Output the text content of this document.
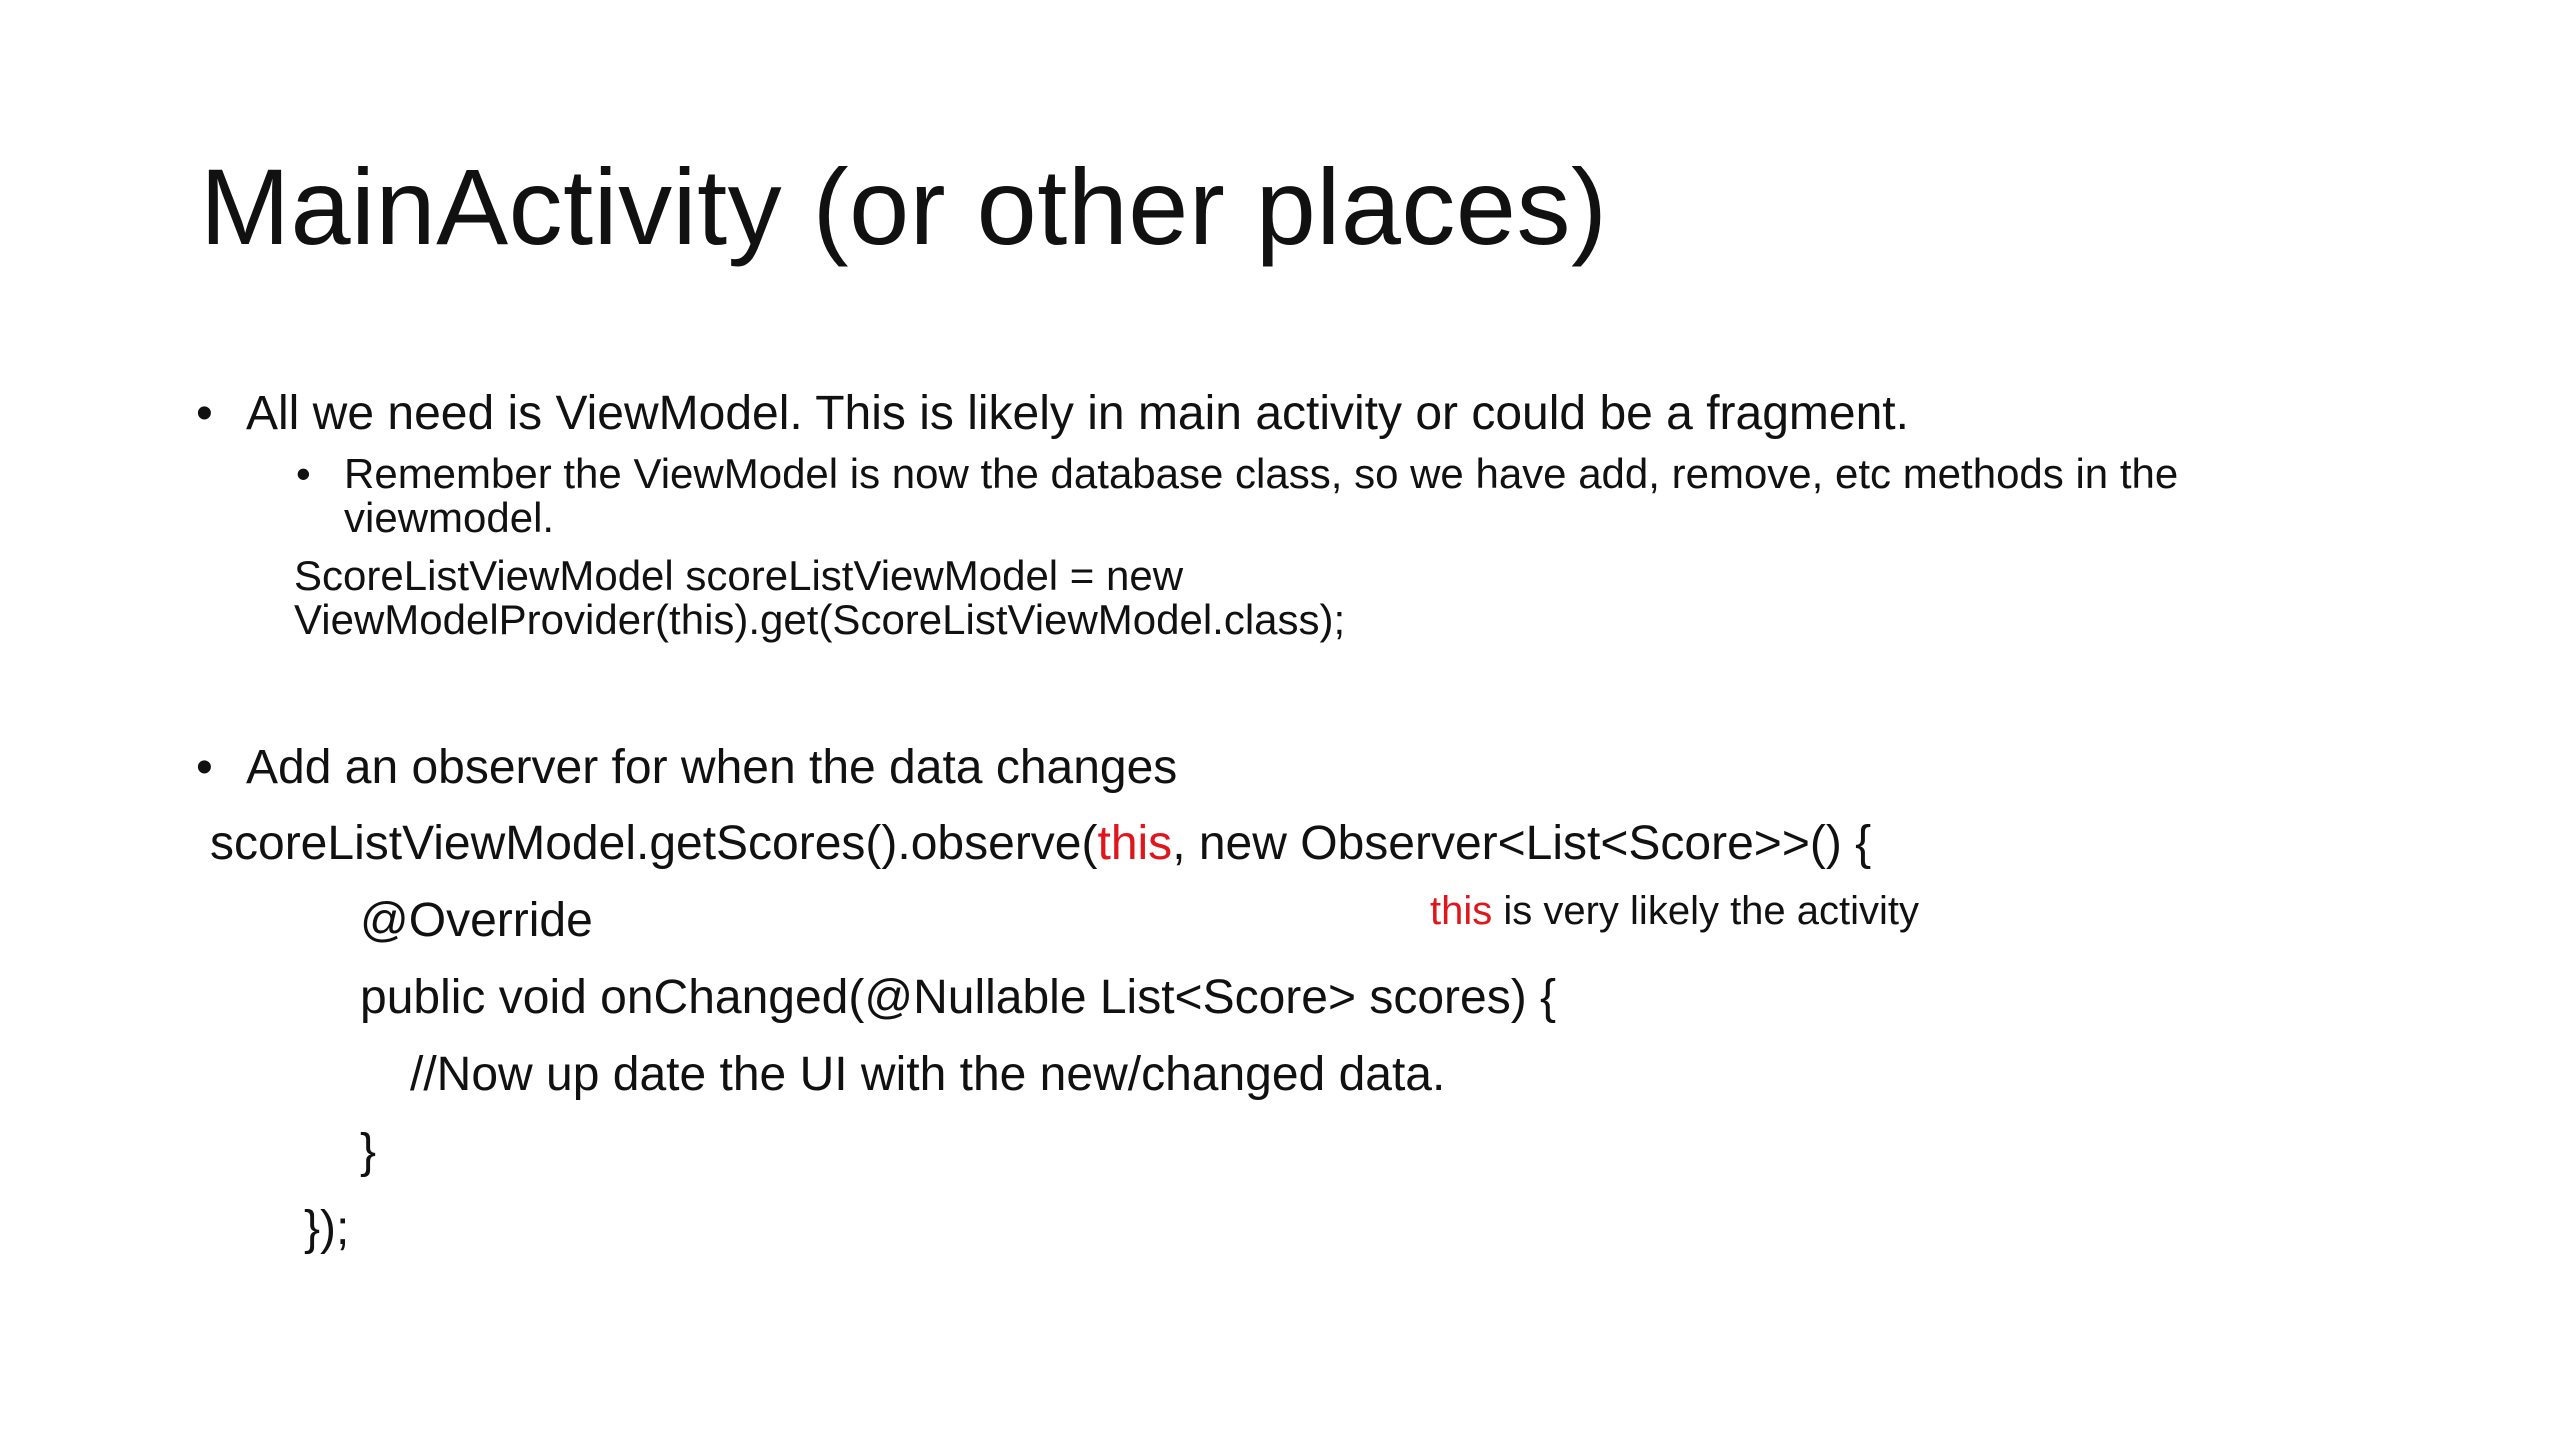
MainActivity (or other places)
• All we need is ViewModel. This is likely in main activity or could be a fragment.
• Remember the ViewModel is now the database class, so we have add, remove, etc methods in the
viewmodel.
ScoreListViewModel scoreListViewModel = new
ViewModelProvider(this).get(ScoreListViewModel.class);
• Add an observer for when the data changes
scoreListViewModel.getScores().observe(this, new Observer<List<Score>>() {
@Override
public void onChanged(@Nullable List<Score> scores) {
//Now up date the UI with the new/changed data.
}
});
this is very likely the activity
